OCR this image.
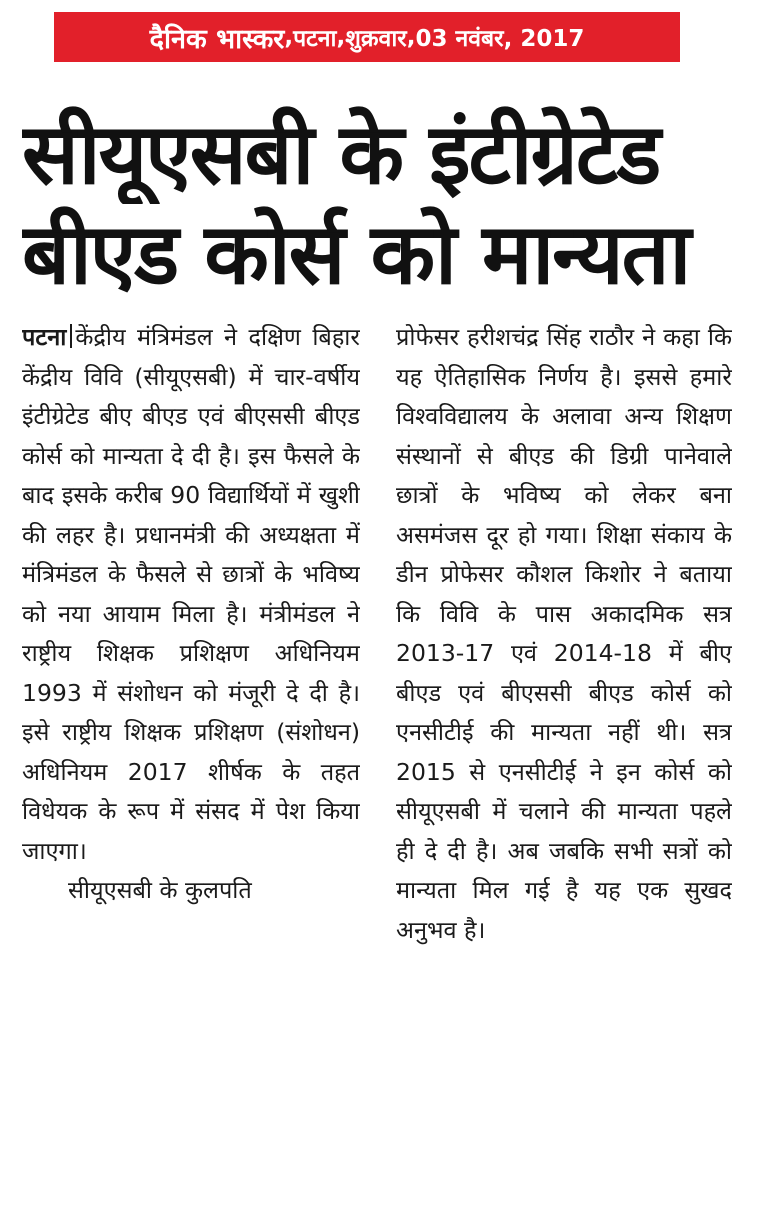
दैनिक भास्कर , पटना , शुक्रवार , 03 नवंबर, 2017
सीयूएसबी के इंटीग्रेटेड
बीएड कोर्स को मान्यता

पटना केंद्रीय मंत्रिमंडल ने दक्षिण बिहार केंद्रीय विवि (सीयूएसबी) में चार-वर्षीय इंटीग्रेटेड बीए बीएड एवं बीएससी बीएड कोर्स को मान्यता दे दी है। इस फैसले के बाद इसके करीब 90 विद्यार्थियों में खुशी की लहर है। प्रधानमंत्री की अध्यक्षता में मंत्रिमंडल के फैसले से छात्रों के भविष्य को नया आयाम मिला है। मंत्रीमंडल ने राष्ट्रीय शिक्षक प्रशिक्षण अधिनियम 1993 में संशोधन को मंजूरी दे दी है। इसे राष्ट्रीय शिक्षक प्रशिक्षण (संशोधन) अधिनियम 2017 शीर्षक के तहत विधेयक के रूप में संसद में पेश किया जाएगा।

सीयूएसबी के कुलपति

प्रोफेसर हरीशचंद्र सिंह राठौर ने कहा कि यह ऐतिहासिक निर्णय है। इससे हमारे विश्वविद्यालय के अलावा अन्य शिक्षण संस्थानों से बीएड की डिग्री पानेवाले छात्रों के भविष्य को लेकर बना असमंजस दूर हो गया। शिक्षा संकाय के डीन प्रोफेसर कौशल किशोर ने बताया कि विवि के पास अकादमिक सत्र 2013-17 एवं 2014-18 में बीए बीएड एवं बीएससी बीएड कोर्स को एनसीटीई की मान्यता नहीं थी। सत्र 2015 से एनसीटीई ने इन कोर्स को सीयूएसबी में चलाने की मान्यता पहले ही दे दी है। अब जबकि सभी सत्रों को मान्यता मिल गई है यह एक सुखद अनुभव है।
